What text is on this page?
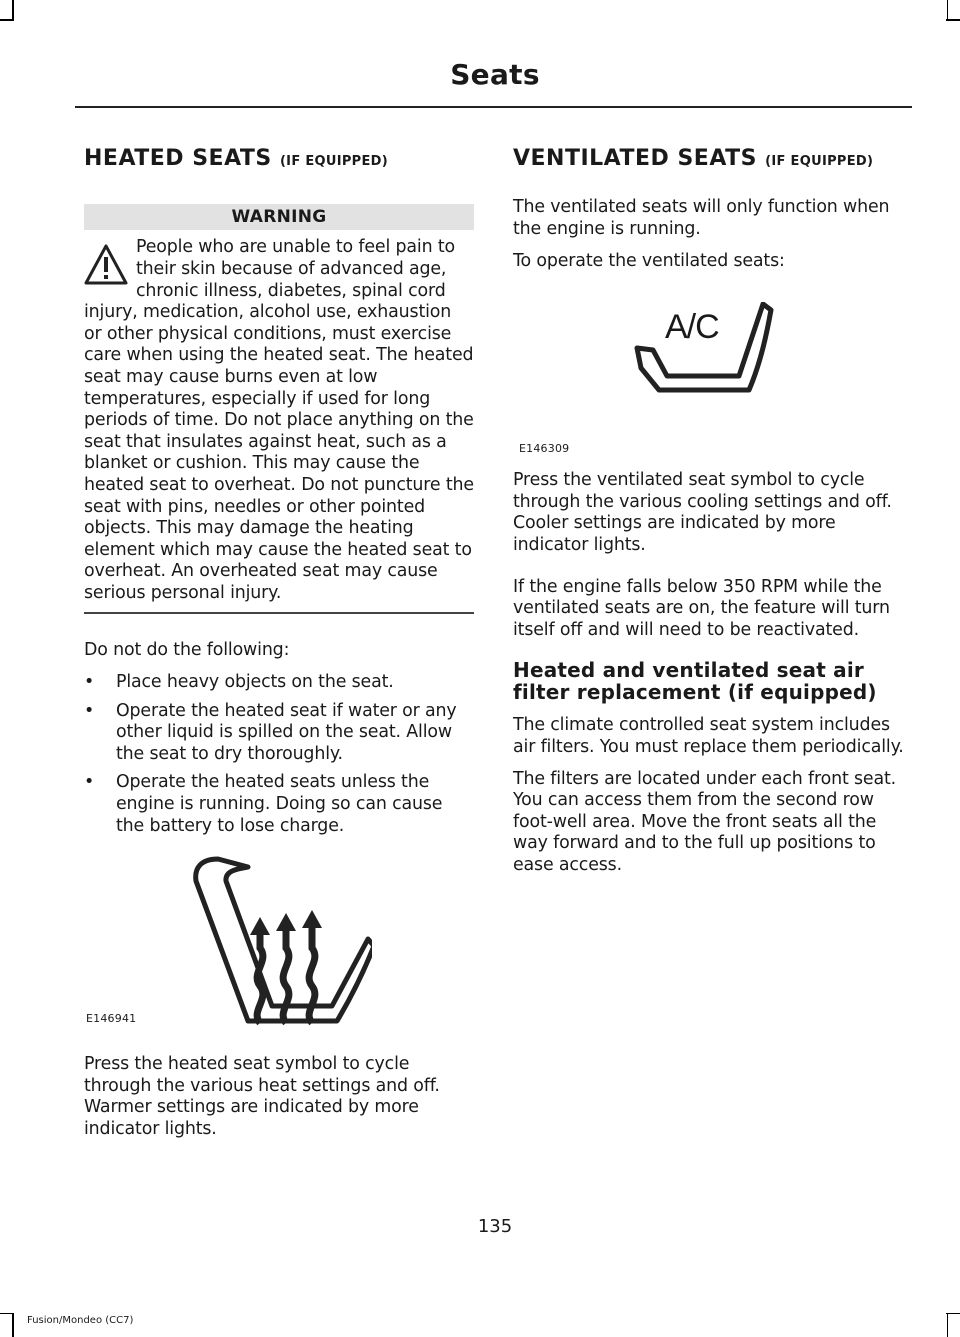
Seats
HEATED SEATS (IF EQUIPPED)
WARNING

People who are unable to feel pain to their skin because of advanced age, chronic illness, diabetes, spinal cord injury, medication, alcohol use, exhaustion or other physical conditions, must exercise care when using the heated seat. The heated seat may cause burns even at low temperatures, especially if used for long periods of time. Do not place anything on the seat that insulates against heat, such as a blanket or cushion. This may cause the heated seat to overheat. Do not puncture the seat with pins, needles or other pointed objects. This may damage the heating element which may cause the heated seat to overheat. An overheated seat may cause serious personal injury.

Do not do the following:

• Place heavy objects on the seat.
• Operate the heated seat if water or any other liquid is spilled on the seat. Allow the seat to dry thoroughly.
• Operate the heated seats unless the engine is running. Doing so can cause the battery to lose charge.
E146941

Press the heated seat symbol to cycle through the various heat settings and off. Warmer settings are indicated by more indicator lights.

VENTILATED SEATS (IF EQUIPPED)

The ventilated seats will only function when the engine is running.

To operate the ventilated seats:

A/C
E146309

Press the ventilated seat symbol to cycle through the various cooling settings and off. Cooler settings are indicated by more indicator lights.

If the engine falls below 350 RPM while the ventilated seats are on, the feature will turn itself off and will need to be reactivated.

Heated and ventilated seat air filter replacement (if equipped)

The climate controlled seat system includes air filters. You must replace them periodically.

The filters are located under each front seat. You can access them from the second row foot-well area. Move the front seats all the way forward and to the full up positions to ease access.

135
Fusion/Mondeo (CC7)
